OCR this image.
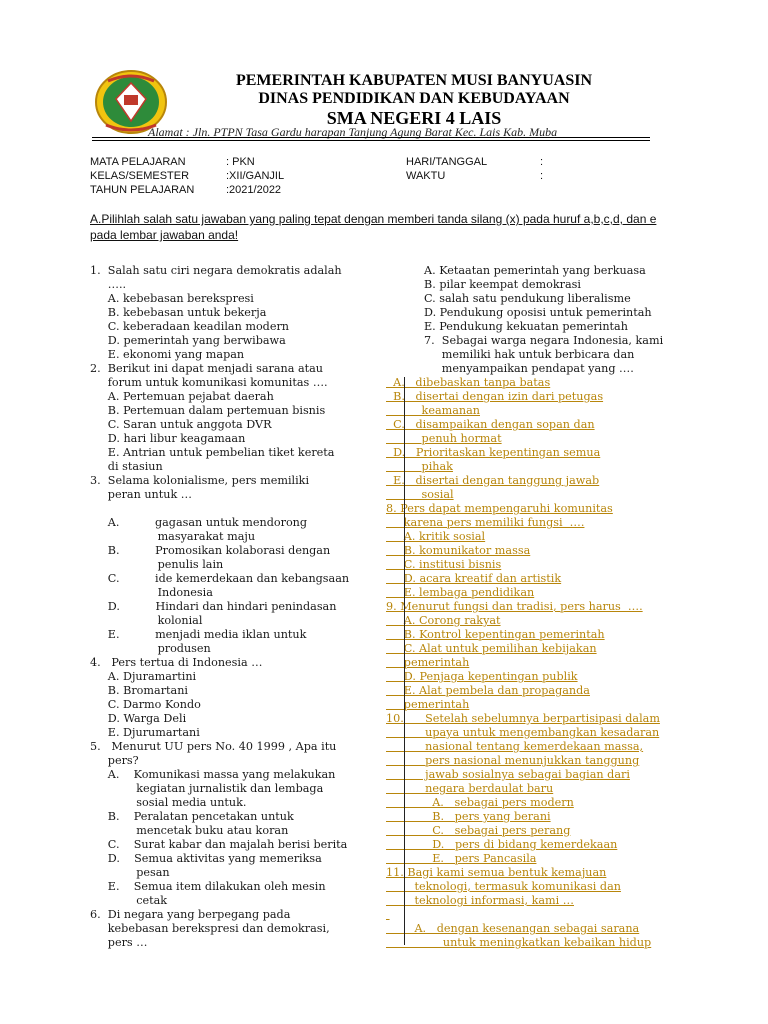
PEMERINTAH KABUPATEN MUSI BANYUASIN
DINAS PENDIDIKAN DAN KEBUDAYAAN
SMA NEGERI 4 LAIS
Alamat : Jln. PTPN Tasa Gardu harapan Tanjung Agung Barat Kec. Lais Kab. Muba
MATA PELAJARAN	: PKN
KELAS/SEMESTER	:XII/GANJIL
TAHUN PELAJARAN	:2021/2022
HARI/TANGGAL	:
WAKTU	:
A.Pilihlah salah satu jawaban yang paling tepat dengan memberi tanda silang (x) pada huruf a,b,c,d, dan e pada lembar jawaban anda!
1.  Salah satu ciri negara demokratis adalah
…..
A. kebebasan berekspresi
B. kebebasan untuk bekerja
C. keberadaan keadilan modern
D. pemerintah yang berwibawa
E. ekonomi yang mapan
2.  Berikut ini dapat menjadi sarana atau
forum untuk komunikasi komunitas ….
A. Pertemuan pejabat daerah
B. Pertemuan dalam pertemuan bisnis
C. Saran untuk anggota DVR
D. hari libur keagamaan
E. Antrian untuk pembelian tiket kereta
di stasiun
3.  Selama kolonialisme, pers memiliki
peran untuk …

A.          gagasan untuk mendorong
masyarakat maju
B.          Promosikan kolaborasi dengan
penulis lain
C.          ide kemerdekaan dan kebangsaan
Indonesia
D.          Hindari dan hindari penindasan
kolonial
E.          menjadi media iklan untuk
produsen
4.   Pers tertua di Indonesia …
A. Djuramartini
B. Bromartani
C. Darmo Kondo
D. Warga Deli
E. Djurumartani
5.   Menurut UU pers No. 40 1999 , Apa itu
pers?
A.    Komunikasi massa yang melakukan
kegiatan jurnalistik dan lembaga
sosial media untuk.
B.    Peralatan pencetakan untuk
mencetak buku atau koran
C.    Surat kabar dan majalah berisi berita
D.    Semua aktivitas yang memeriksa
pesan
E.    Semua item dilakukan oleh mesin
cetak
6.  Di negara yang berpegang pada
kebebasan berekspresi dan demokrasi,
pers …
A. Ketaatan pemerintah yang berkuasa
B. pilar keempat demokrasi
C. salah satu pendukung liberalisme
D. Pendukung oposisi untuk pemerintah
E. Pendukung kekuatan pemerintah
7.  Sebagai warga negara Indonesia, kami
memiliki hak untuk berbicara dan
menyampaikan pendapat yang ….
A.   dibebaskan tanpa batas
B.   disertai dengan izin dari petugas
keamanan
C.   disampaikan dengan sopan dan
penuh hormat
D.   Prioritaskan kepentingan semua
pihak
E.   disertai dengan tanggung jawab
sosial
8. Pers dapat mempengaruhi komunitas
karena pers memiliki fungsi  ….
A. kritik sosial
B. komunikator massa
C. institusi bisnis
D. acara kreatif dan artistik
E. lembaga pendidikan
9. Menurut fungsi dan tradisi, pers harus  ….
A. Corong rakyat
B. Kontrol kepentingan pemerintah
C. Alat untuk pemilihan kebijakan
pemerintah
D. Penjaga kepentingan publik
E. Alat pembela dan propaganda
pemerintah
10.      Setelah sebelumnya berpartisipasi dalam
upaya untuk mengembangkan kesadaran
nasional tentang kemerdekaan massa,
pers nasional menunjukkan tanggung
jawab sosialnya sebagai bagian dari
negara berdaulat baru
A.   sebagai pers modern
B.   pers yang berani
C.   sebagai pers perang
D.   pers di bidang kemerdekaan
E.   pers Pancasila
11. Bagi kami semua bentuk kemajuan
teknologi, termasuk komunikasi dan
teknologi informasi, kami …

A.   dengan kesenangan sebagai sarana
untuk meningkatkan kebaikan hidup
